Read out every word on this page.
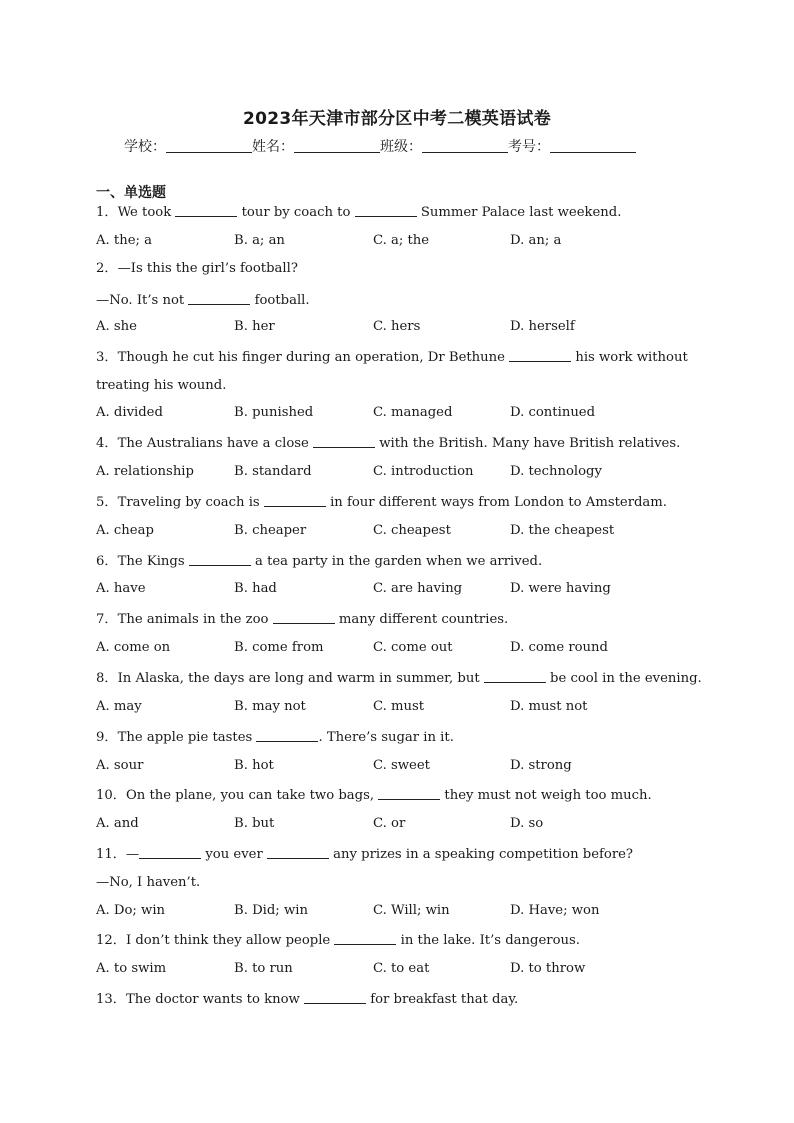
2023年天津市部分区中考二模英语试卷
学校：	姓名：	班级：	考号：
一、单选题
1．We took	tour by coach to	Summer Palace last weekend.
A. the; a	B. a; an	C. a; the	D. an; a
2．—Is this the girl’s football?
—No. It’s not	football.
A. she	B. her	C. hers	D. herself
3．Though he cut his finger during an operation, Dr Bethune	his work without
treating his wound.
A. divided	B. punished	C. managed	D. continued
4．The Australians have a close	with the British. Many have British relatives.
A. relationship	B. standard	C. introduction	D. technology
5．Traveling by coach is	in four different ways from London to Amsterdam.
A. cheap	B. cheaper	C. cheapest	D. the cheapest
6．The Kings	a tea party in the garden when we arrived.
A. have	B. had	C. are having	D. were having
7．The animals in the zoo	many different countries.
A. come on	B. come from	C. come out	D. come round
8．In Alaska, the days are long and warm in summer, but	be cool in the evening.
A. may	B. may not	C. must	D. must not
9．The apple pie tastes	. There’s sugar in it.
A. sour	B. hot	C. sweet	D. strong
10．On the plane, you can take two bags,	they must not weigh too much.
A. and	B. but	C. or	D. so
11．—	you ever	any prizes in a speaking competition before?
—No, I haven’t.
A. Do; win	B. Did; win	C. Will; win	D. Have; won
12．I don’t think they allow people	in the lake. It’s dangerous.
A. to swim	B. to run	C. to eat	D. to throw
13．The doctor wants to know	for breakfast that day.
